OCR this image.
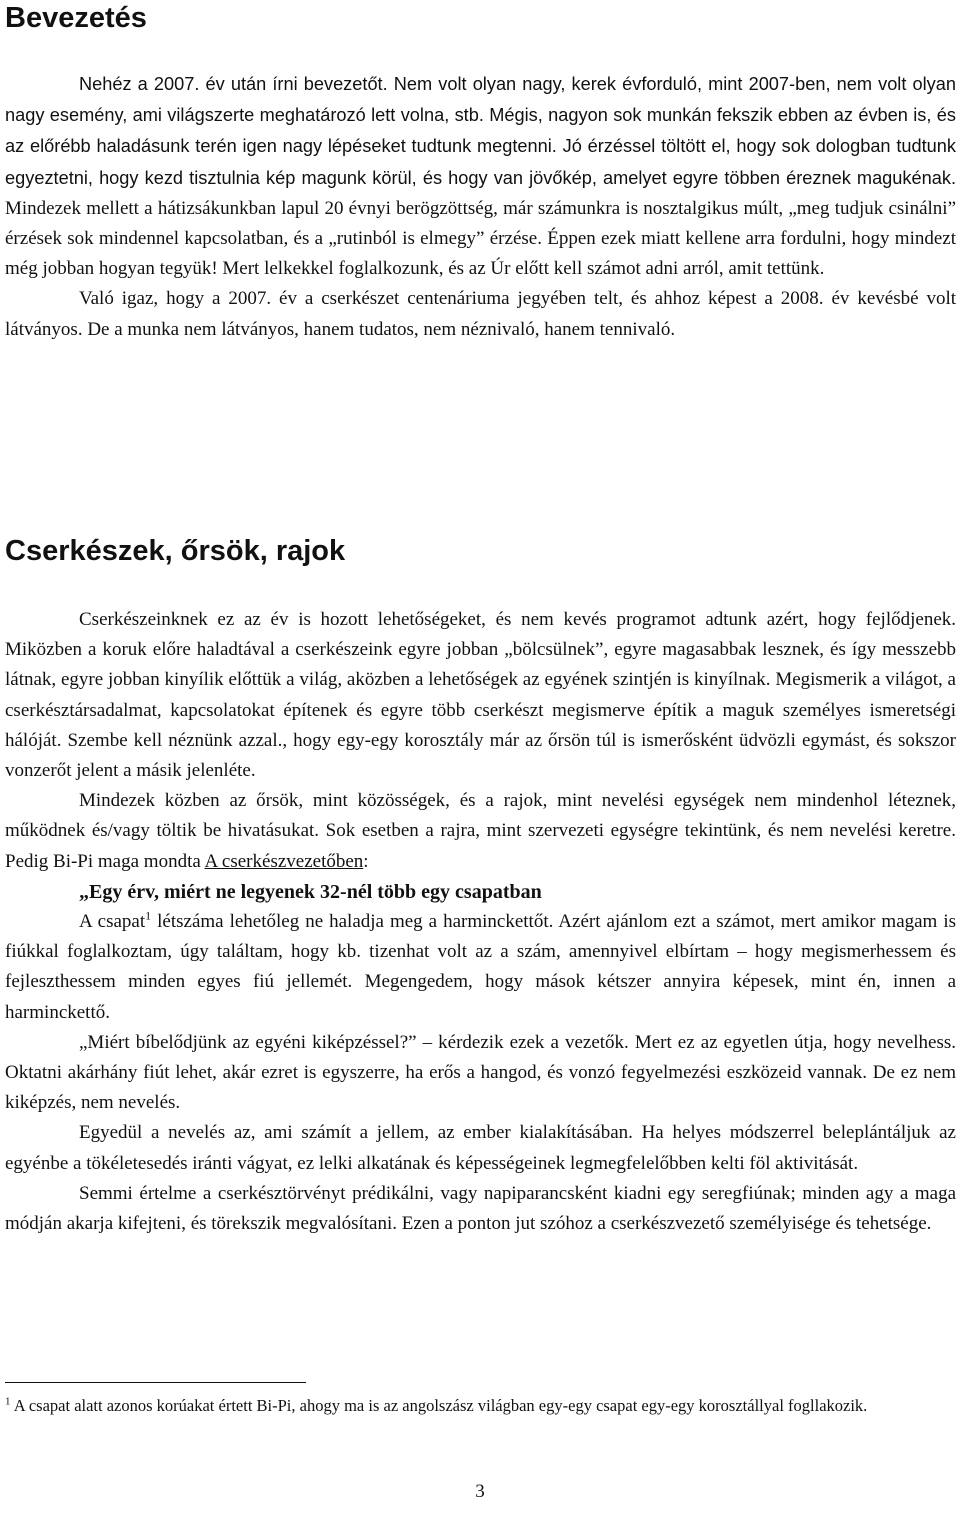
Bevezetés

Nehéz a 2007. év után írni bevezetőt. Nem volt olyan nagy, kerek évforduló, mint 2007-ben, nem volt olyan nagy esemény, ami világszerte meghatározó lett volna, stb. Mégis, nagyon sok munkán fekszik ebben az évben is, és az előrébb haladásunk terén igen nagy lépéseket tudtunk megtenni. Jó érzéssel töltött el, hogy sok dologban tudtunk egyeztetni, hogy kezd tisztulnia kép magunk körül, és hogy van jövőkép, amelyet egyre többen éreznek magukénak. Mindezek mellett a hátizsákunkban lapul 20 évnyi berögzöttség, már számunkra is nosztalgikus múlt, „meg tudjuk csinálni” érzések sok mindennel kapcsolatban, és a „rutinból is elmegy” érzése. Éppen ezek miatt kellene arra fordulni, hogy mindezt még jobban hogyan tegyük! Mert lelkekkel foglalkozunk, és az Úr előtt kell számot adni arról, amit tettünk.

Való igaz, hogy a 2007. év a cserkészet centenáriuma jegyében telt, és ahhoz képest a 2008. év kevésbé volt látványos. De a munka nem látványos, hanem tudatos, nem néznivaló, hanem tennivaló.

Cserkészek, őrsök, rajok

Cserkészeinknek ez az év is hozott lehetőségeket, és nem kevés programot adtunk azért, hogy fejlődjenek. Miközben a koruk előre haladtával a cserkészeink egyre jobban „bölcsülnek”, egyre magasabbak lesznek, és így messzebb látnak, egyre jobban kinyílik előttük a világ, aközben a lehetőségek az egyének szintjén is kinyílnak. Megismerik a világot, a cserkésztársadalmat, kapcsolatokat építenek és egyre több cserkészt megismerve építik a maguk személyes ismeretségi hálóját. Szembe kell néznünk azzal., hogy egy-egy korosztály már az őrsön túl is ismerősként üdvözli egymást, és sokszor vonzerőt jelent a másik jelenléte.

Mindezek közben az őrsök, mint közösségek, és a rajok, mint nevelési egységek nem mindenhol léteznek, működnek és/vagy töltik be hivatásukat. Sok esetben a rajra, mint szervezeti egységre tekintünk, és nem nevelési keretre. Pedig Bi-Pi maga mondta A cserkészvezetőben:

„Egy érv, miért ne legyenek 32-nél több egy csapatban

A csapat$^1$ létszáma lehetőleg ne haladja meg a harminckettőt. Azért ajánlom ezt a számot, mert amikor magam is fiúkkal foglalkoztam, úgy találtam, hogy kb. tizenhat volt az a szám, amennyivel elbírtam – hogy megismerhessem és fejleszthessem minden egyes fiú jellemét. Megengedem, hogy mások kétszer annyira képesek, mint én, innen a harminckettő.

„Miért bíbelődjünk az egyéni kiképzéssel?” – kérdezik ezek a vezetők. Mert ez az egyetlen útja, hogy nevelhess. Oktatni akárhány fiút lehet, akár ezret is egyszerre, ha erős a hangod, és vonzó fegyelmezési eszközeid vannak. De ez nem kiképzés, nem nevelés.

Egyedül a nevelés az, ami számít a jellem, az ember kialakításában. Ha helyes módszerrel beleplántáljuk az egyénbe a tökéletesedés iránti vágyat, ez lelki alkatának és képességeinek legmegfelelőbben kelti föl aktivitását.

Semmi értelme a cserkésztörvényt prédikálni, vagy napiparancsként kiadni egy seregfiúnak; minden agy a maga módján akarja kifejteni, és törekszik megvalósítani. Ezen a ponton jut szóhoz a cserkészvezető személyisége és tehetsége.

$^1$ A csapat alatt azonos korúakat értett Bi-Pi, ahogy ma is az angolszász világban egy-egy csapat egy-egy korosztállyal fogllakozik.
3
